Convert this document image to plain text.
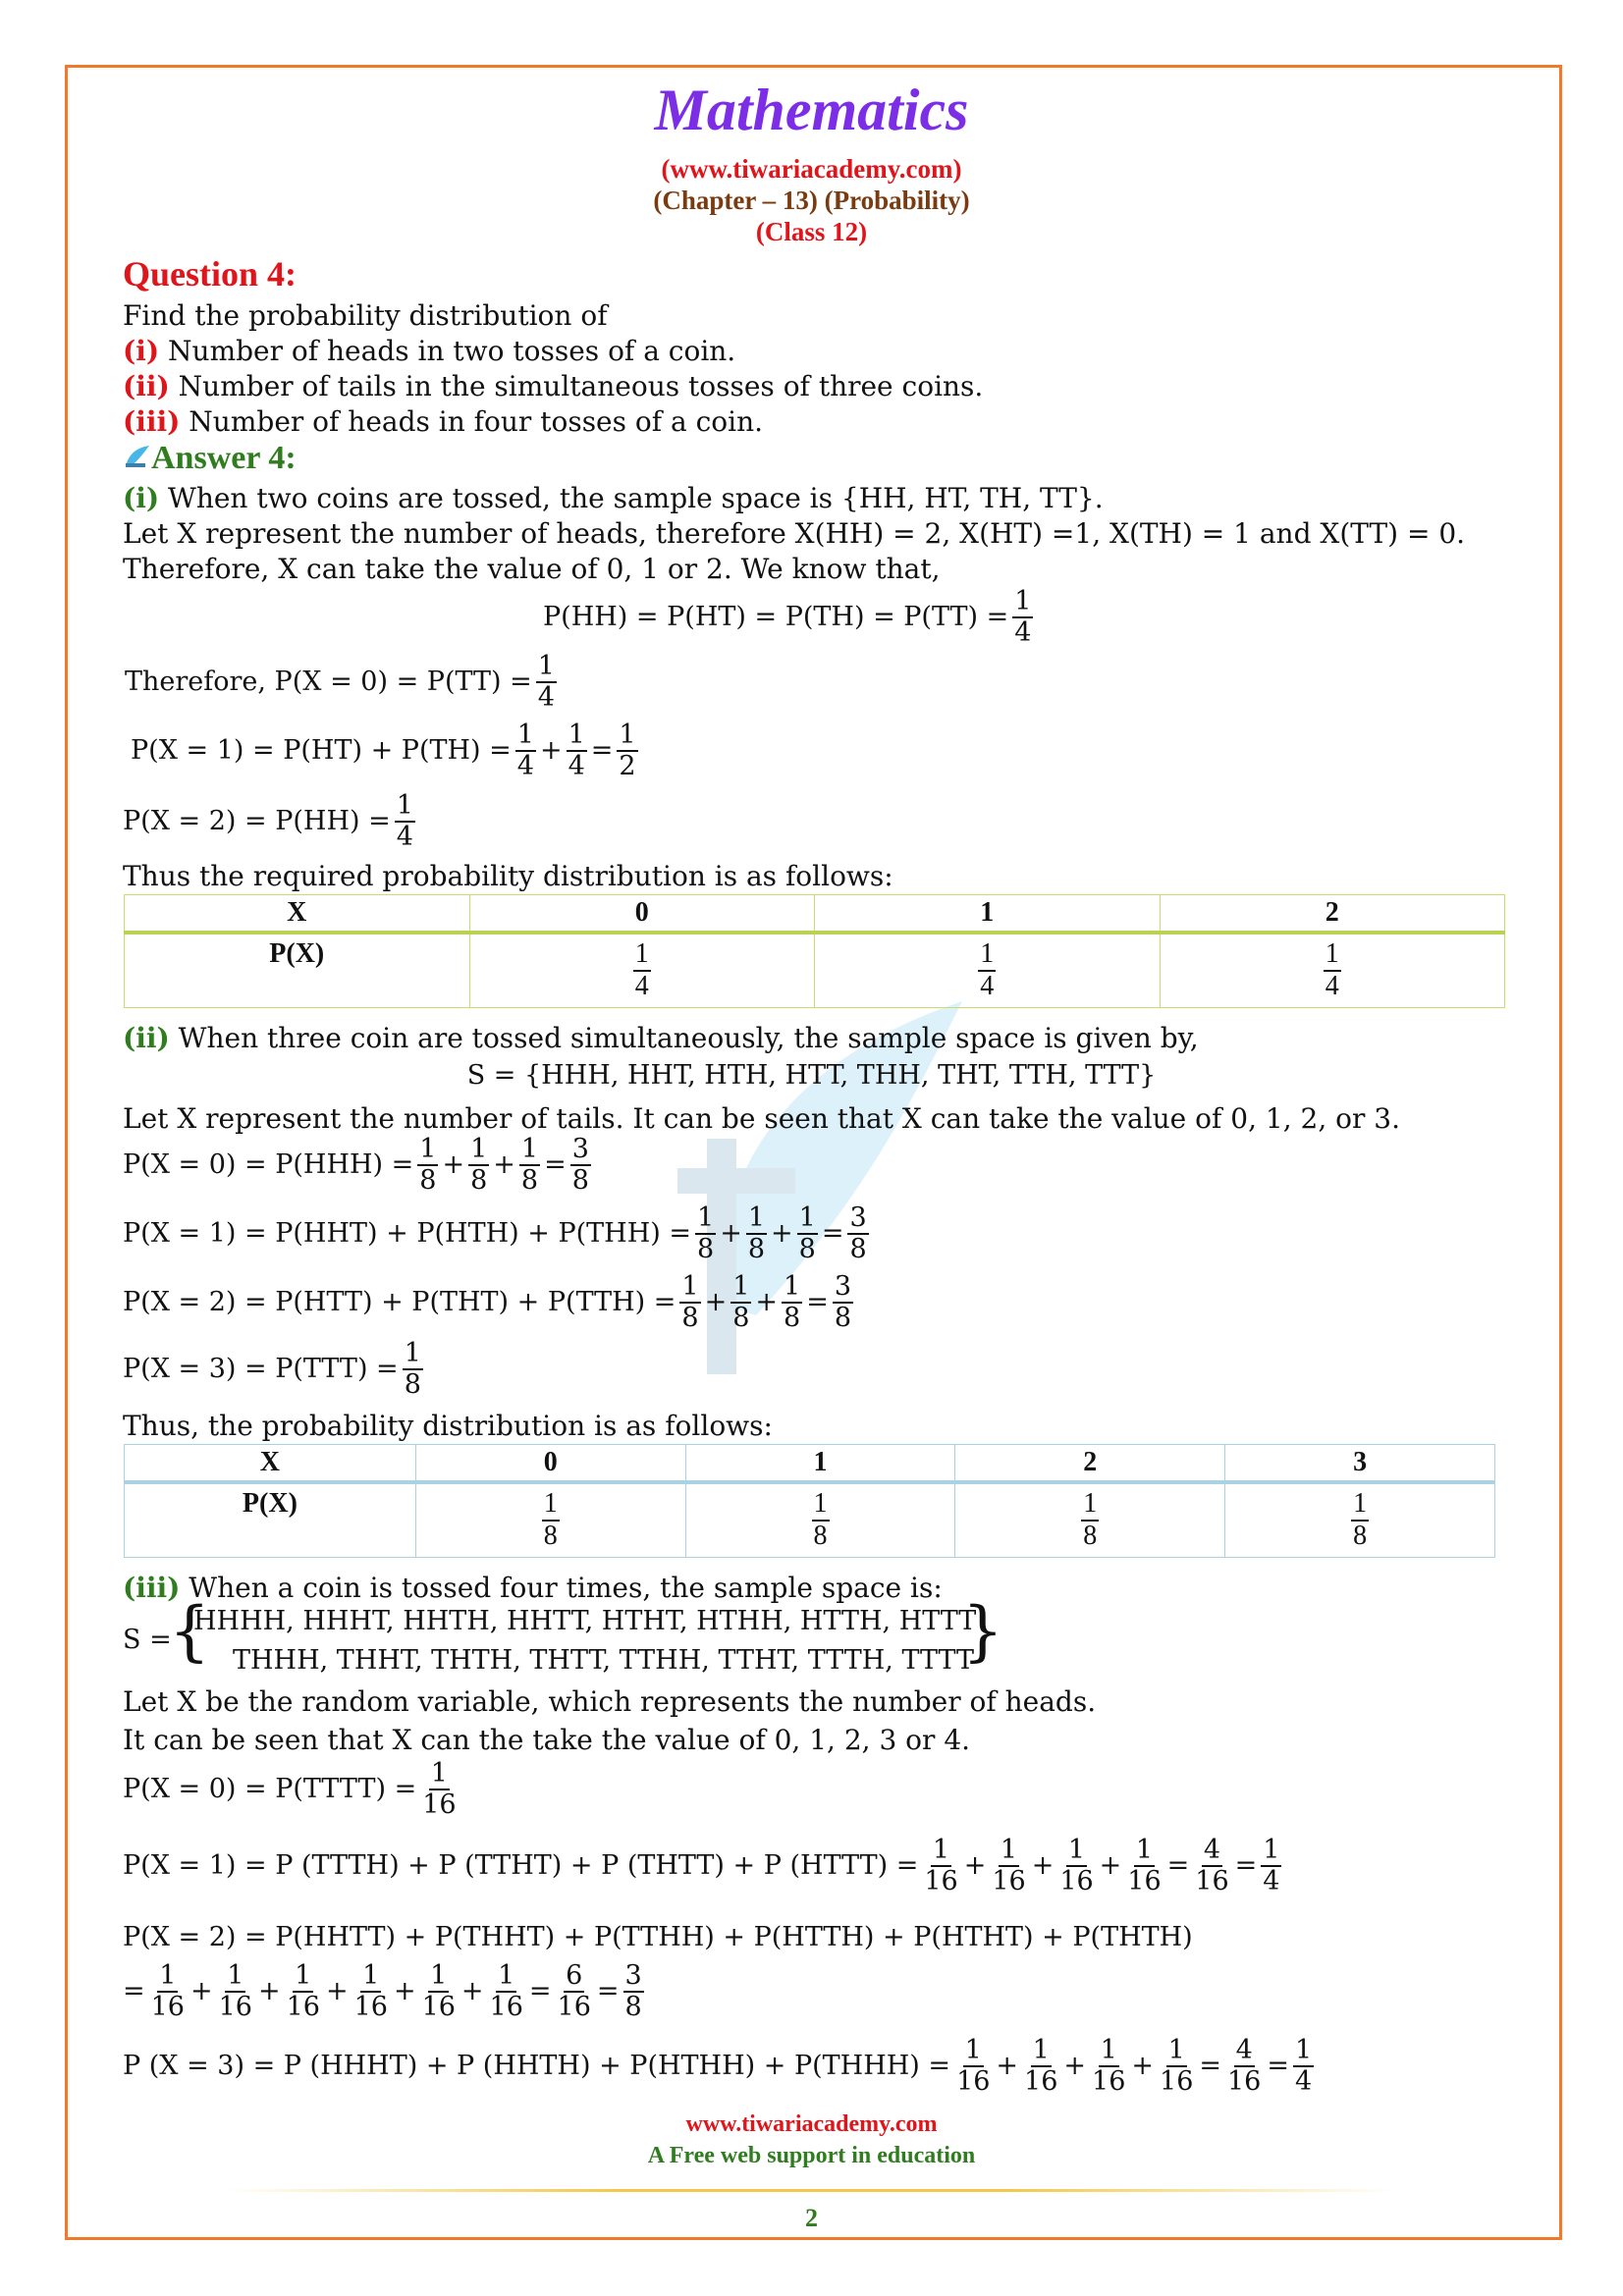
Mathematics
(www.tiwariacademy.com)
(Chapter – 13) (Probability)
(Class 12)
Question 4:
Find the probability distribution of
(i) Number of heads in two tosses of a coin.
(ii) Number of tails in the simultaneous tosses of three coins.
(iii) Number of heads in four tosses of a coin.
Answer 4:
(i) When two coins are tossed, the sample space is {HH, HT, TH, TT}.
Let X represent the number of heads, therefore X(HH) = 2, X(HT) =1, X(TH) = 1 and X(TT) = 0.
Therefore, X can take the value of 0, 1 or 2. We know that,
$P(HH) = P(HT) = P(TH) = P(TT) = \frac{1}{4}$
Therefore, $P(X = 0) = P(TT) = \frac{1}{4}$
$P(X = 1) = P(HT) + P(TH) = \frac{1}{4} + \frac{1}{4} = \frac{1}{2}$
$P(X = 2) = P(HH) = \frac{1}{4}$
Thus the required probability distribution is as follows:
X	0	1	2
P(X)	$\frac{1}{4}$	$\frac{1}{4}$	$\frac{1}{4}$
(ii) When three coin are tossed simultaneously, the sample space is given by,
S = {HHH, HHT, HTH, HTT, THH, THT, TTH, TTT}
Let X represent the number of tails. It can be seen that X can take the value of 0, 1, 2, or 3.
$P(X = 0) = P(HHH) = \frac{1}{8} + \frac{1}{8} + \frac{1}{8} = \frac{3}{8}$
$P(X = 1) = P(HHT) + P(HTH) + P(THH) = \frac{1}{8} + \frac{1}{8} + \frac{1}{8} = \frac{3}{8}$
$P(X = 2) = P(HTT) + P(THT) + P(TTH) = \frac{1}{8} + \frac{1}{8} + \frac{1}{8} = \frac{3}{8}$
$P(X = 3) = P(TTT) = \frac{1}{8}$
Thus, the probability distribution is as follows:
X	0	1	2	3
P(X)	$\frac{1}{8}$	$\frac{1}{8}$	$\frac{1}{8}$	$\frac{1}{8}$
(iii) When a coin is tossed four times, the sample space is:
S =
{
HHHH, HHHT, HHTH, HHTT, HTHT, HTHH, HTTH, HTTT
THHH, THHT, THTH, THTT, TTHH, TTHT, TTTH, TTTT
}
Let X be the random variable, which represents the number of heads.
It can be seen that X can the take the value of 0, 1, 2, 3 or 4.
P(X = 0) = P(TTTT) = $\frac{1}{16}$
P(X = 1) = P (TTTH) + P (TTHT) + P (THTT) + P (HTTT) = $\frac{1}{16} + \frac{1}{16} + \frac{1}{16} + \frac{1}{16} = \frac{4}{16} = \frac{1}{4}$
P(X = 2) = P(HHTT) + P(THHT) + P(TTHH) + P(HTTH) + P(HTHT) + P(THTH)
= $\frac{1}{16} + \frac{1}{16} + \frac{1}{16} + \frac{1}{16} + \frac{1}{16} + \frac{1}{16} = \frac{6}{16} = \frac{3}{8}$
P (X = 3) = P (HHHT) + P (HHTH) + P(HTHH) + P(THHH) = $\frac{1}{16} + \frac{1}{16} + \frac{1}{16} + \frac{1}{16} = \frac{4}{16} = \frac{1}{4}$
www.tiwariacademy.com
A Free web support in education
2
